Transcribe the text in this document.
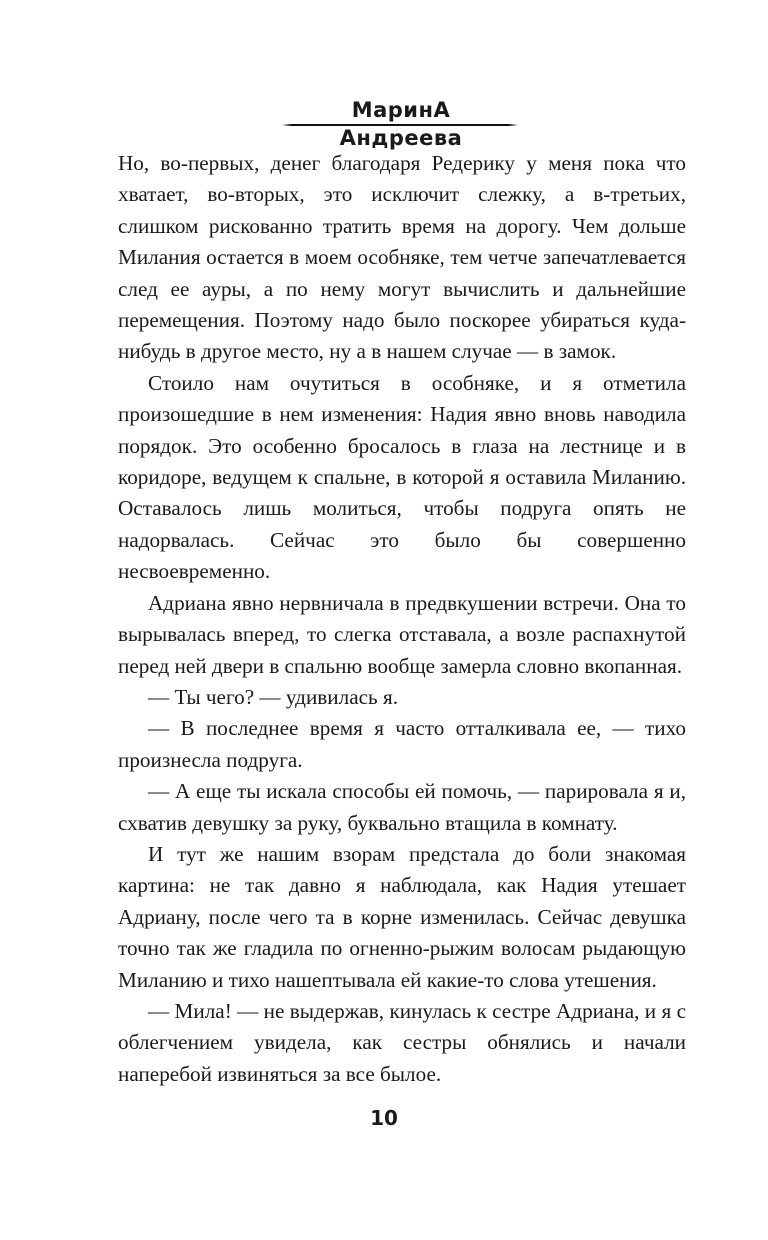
МаринА Андреева

Но, во-первых, денег благодаря Редерику у меня пока что хватает, во-вторых, это исключит слежку, а в-третьих, слишком рискованно тратить время на дорогу. Чем дольше Милания остается в моем особняке, тем четче запечатлевается след ее ауры, а по нему могут вычислить и дальнейшие перемещения. Поэтому надо было поскорее убираться куда-нибудь в другое место, ну а в нашем случае — в замок.

Стоило нам очутиться в особняке, и я отметила произошедшие в нем изменения: Надия явно вновь наводила порядок. Это особенно бросалось в глаза на лестнице и в коридоре, ведущем к спальне, в которой я оставила Миланию. Оставалось лишь молиться, чтобы подруга опять не надорвалась. Сейчас это было бы совершенно несвоевременно.

Адриана явно нервничала в предвкушении встречи. Она то вырывалась вперед, то слегка отставала, а возле распахнутой перед ней двери в спальню вообще замерла словно вкопанная.

— Ты чего? — удивилась я.

— В последнее время я часто отталкивала ее, — тихо произнесла подруга.

— А еще ты искала способы ей помочь, — парировала я и, схватив девушку за руку, буквально втащила в комнату.

И тут же нашим взорам предстала до боли знакомая картина: не так давно я наблюдала, как Надия утешает Адриану, после чего та в корне изменилась. Сейчас девушка точно так же гладила по огненно-рыжим волосам рыдающую Миланию и тихо нашептывала ей какие-то слова утешения.

— Мила! — не выдержав, кинулась к сестре Адриана, и я с облегчением увидела, как сестры обнялись и начали наперебой извиняться за все былое.

10
